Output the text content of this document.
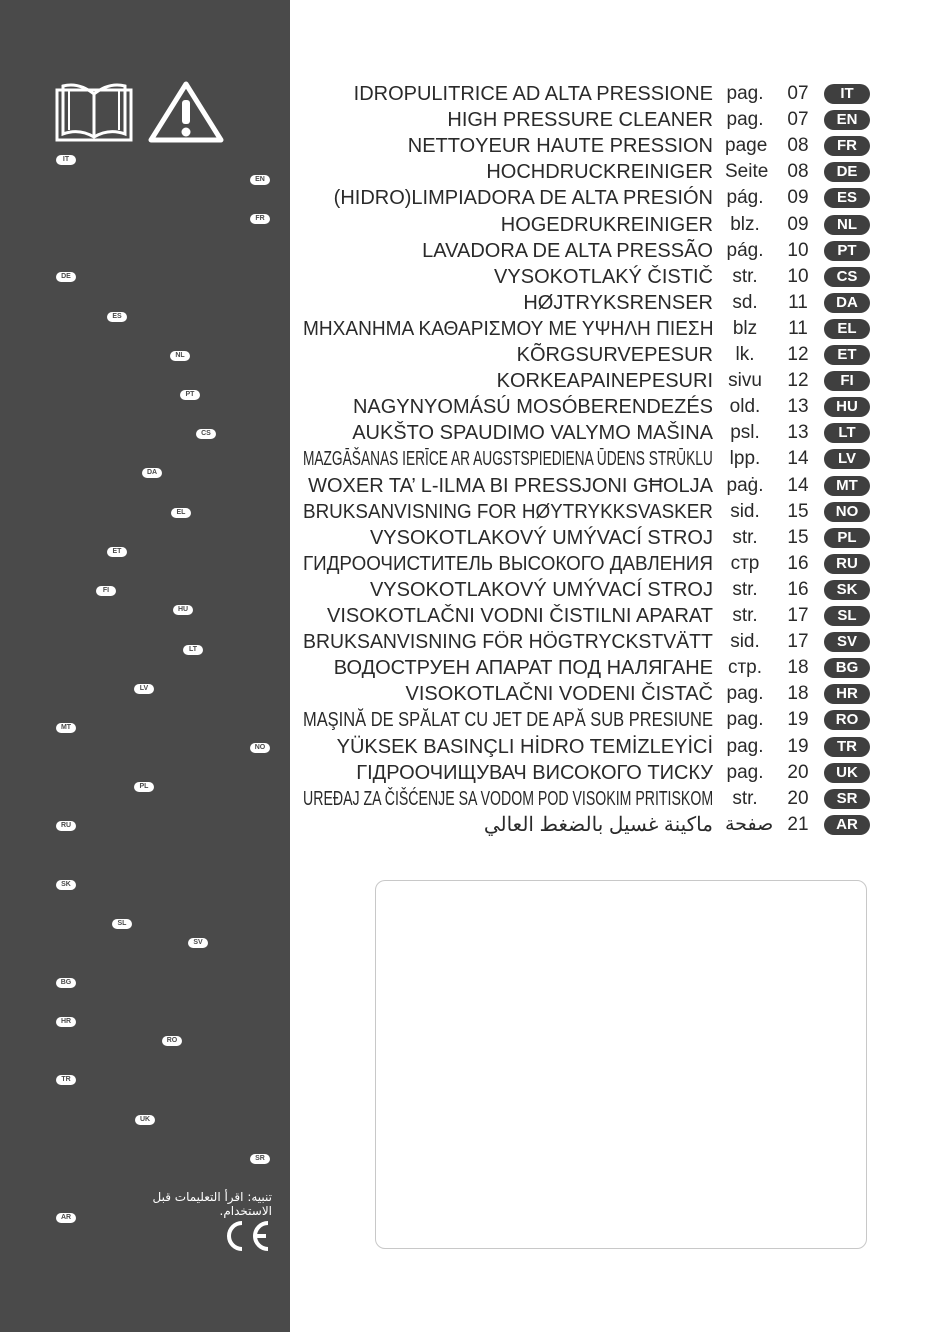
IT
EN
FR
DE
ES
NL
PT
CS
DA
EL
ET
FI
HU
LT
LV
MT
NO
PL
RU
SK
SL
SV
BG
HR
RO
TR
UK
SR
AR
تنبيه: اقرأ التعليمات قبل الاستخدام.
IDROPULITRICE AD ALTA PRESSIONE pag. 07	IT
HIGH PRESSURE CLEANER pag. 07	EN
NETTOYEUR HAUTE PRESSION page 08	FR
HOCHDRUCKREINIGER Seite 08	DE
(HIDRO)LIMPIADORA DE ALTA PRESIÓN pág. 09	ES
HOGEDRUKREINIGER blz. 09	NL
LAVADORA DE ALTA PRESSÃO pág. 10	PT
VYSOKOTLAKÝ ČISTIČ	str.	10	CS
HØJTRYKSRENSER	sd.	11	DA
ΜΗΧΑΝΗΜΑ ΚΑΘΑΡΙΣΜΟΥ ΜΕ ΥΨΗΛΗ ΠΙΕΣΗ	blz	11	EL
KÕRGSURVEPESUR	lk.	12	ET
KORKEAPAINEPESURI sivu 12	FI
NAGYNYOMÁSÚ MOSÓBERENDEZÉS old. 13	HU
AUKŠTO SPAUDIMO VALYMO MAŠINA psl. 13	LT
MAZGĀŠANAS IERĪCE AR AUGSTSPIEDIENA ŪDENS STRŪKLU lpp. 14	LV
WOXER TA’ L-ILMA BI PRESSJONI GĦOLJA paġ. 14	MT
BRUKSANVISNING FOR HØYTRYKKSVASKER sid. 15	NO
VYSOKOTLAKOVÝ UMÝVACÍ STROJ	str.	15	PL
ГИДРООЧИСТИТЕЛЬ ВЫСОКОГО ДАВЛЕНИЯ стр 16	RU
VYSOKOTLAKOVÝ UMÝVACÍ STROJ	str.	16	SK
VISOKOTLAČNI VODNI ČISTILNI APARAT	str.	17	SL
BRUKSANVISNING FÖR HÖGTRYCKSTVÄTT sid. 17	SV
ВОДОСТРУЕН АПАРАТ ПОД НАЛЯГАНЕ стр. 18	BG
VISOKOTLAČNI VODENI ČISTAČ pag. 18	HR
MAŞINĂ DE SPĂLAT CU JET DE APĂ SUB PRESIUNE pag. 19	RO
YÜKSEK BASINÇLI HİDRO TEMİZLEYİCİ pag. 19	TR
ГІДРООЧИЩУВАЧ ВИСОКОГО ТИСКУ pag. 20	UK
UREĐAJ ZA ČIŠĆENJE SA VODOM POD VISOKIM PRITISKOM	str.	20	SR
ماكينة غسيل بالضغط العالي صفحة 21	AR
